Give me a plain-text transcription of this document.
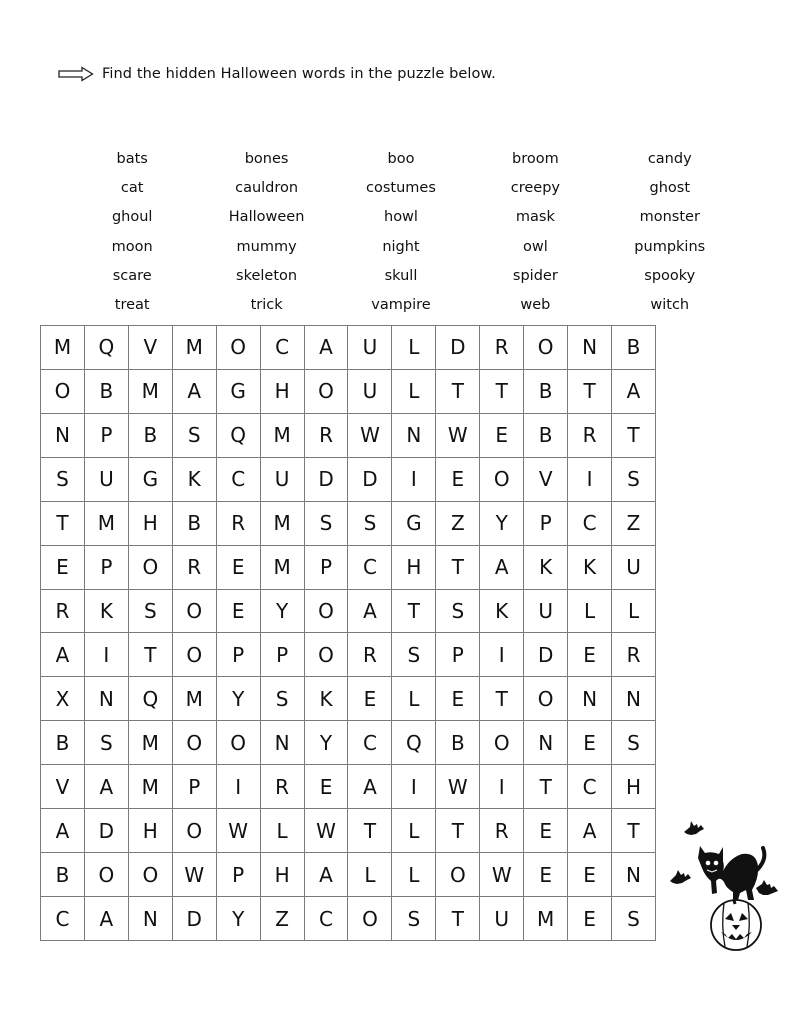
Find the hidden Halloween words in the puzzle below.
bats	bones	boo	broom	candy
cat	cauldron	costumes	creepy	ghost
ghoul	Halloween	howl	mask	monster
moon	mummy	night	owl	pumpkins
scare	skeleton	skull	spider	spooky
treat	trick	vampire	web	witch
M	Q	V	M	O	C	A	U	L	D	R	O	N	B
O	B	M	A	G	H	O	U	L	T	T	B	T	A
N	P	B	S	Q	M	R	W	N	W	E	B	R	T
S	U	G	K	C	U	D	D	I	E	O	V	I	S
T	M	H	B	R	M	S	S	G	Z	Y	P	C	Z
E	P	O	R	E	M	P	C	H	T	A	K	K	U
R	K	S	O	E	Y	O	A	T	S	K	U	L	L
A	I	T	O	P	P	O	R	S	P	I	D	E	R
X	N	Q	M	Y	S	K	E	L	E	T	O	N	N
B	S	M	O	O	N	Y	C	Q	B	O	N	E	S
V	A	M	P	I	R	E	A	I	W	I	T	C	H
A	D	H	O	W	L	W	T	L	T	R	E	A	T
B	O	O	W	P	H	A	L	L	O	W	E	E	N
C	A	N	D	Y	Z	C	O	S	T	U	M	E	S
